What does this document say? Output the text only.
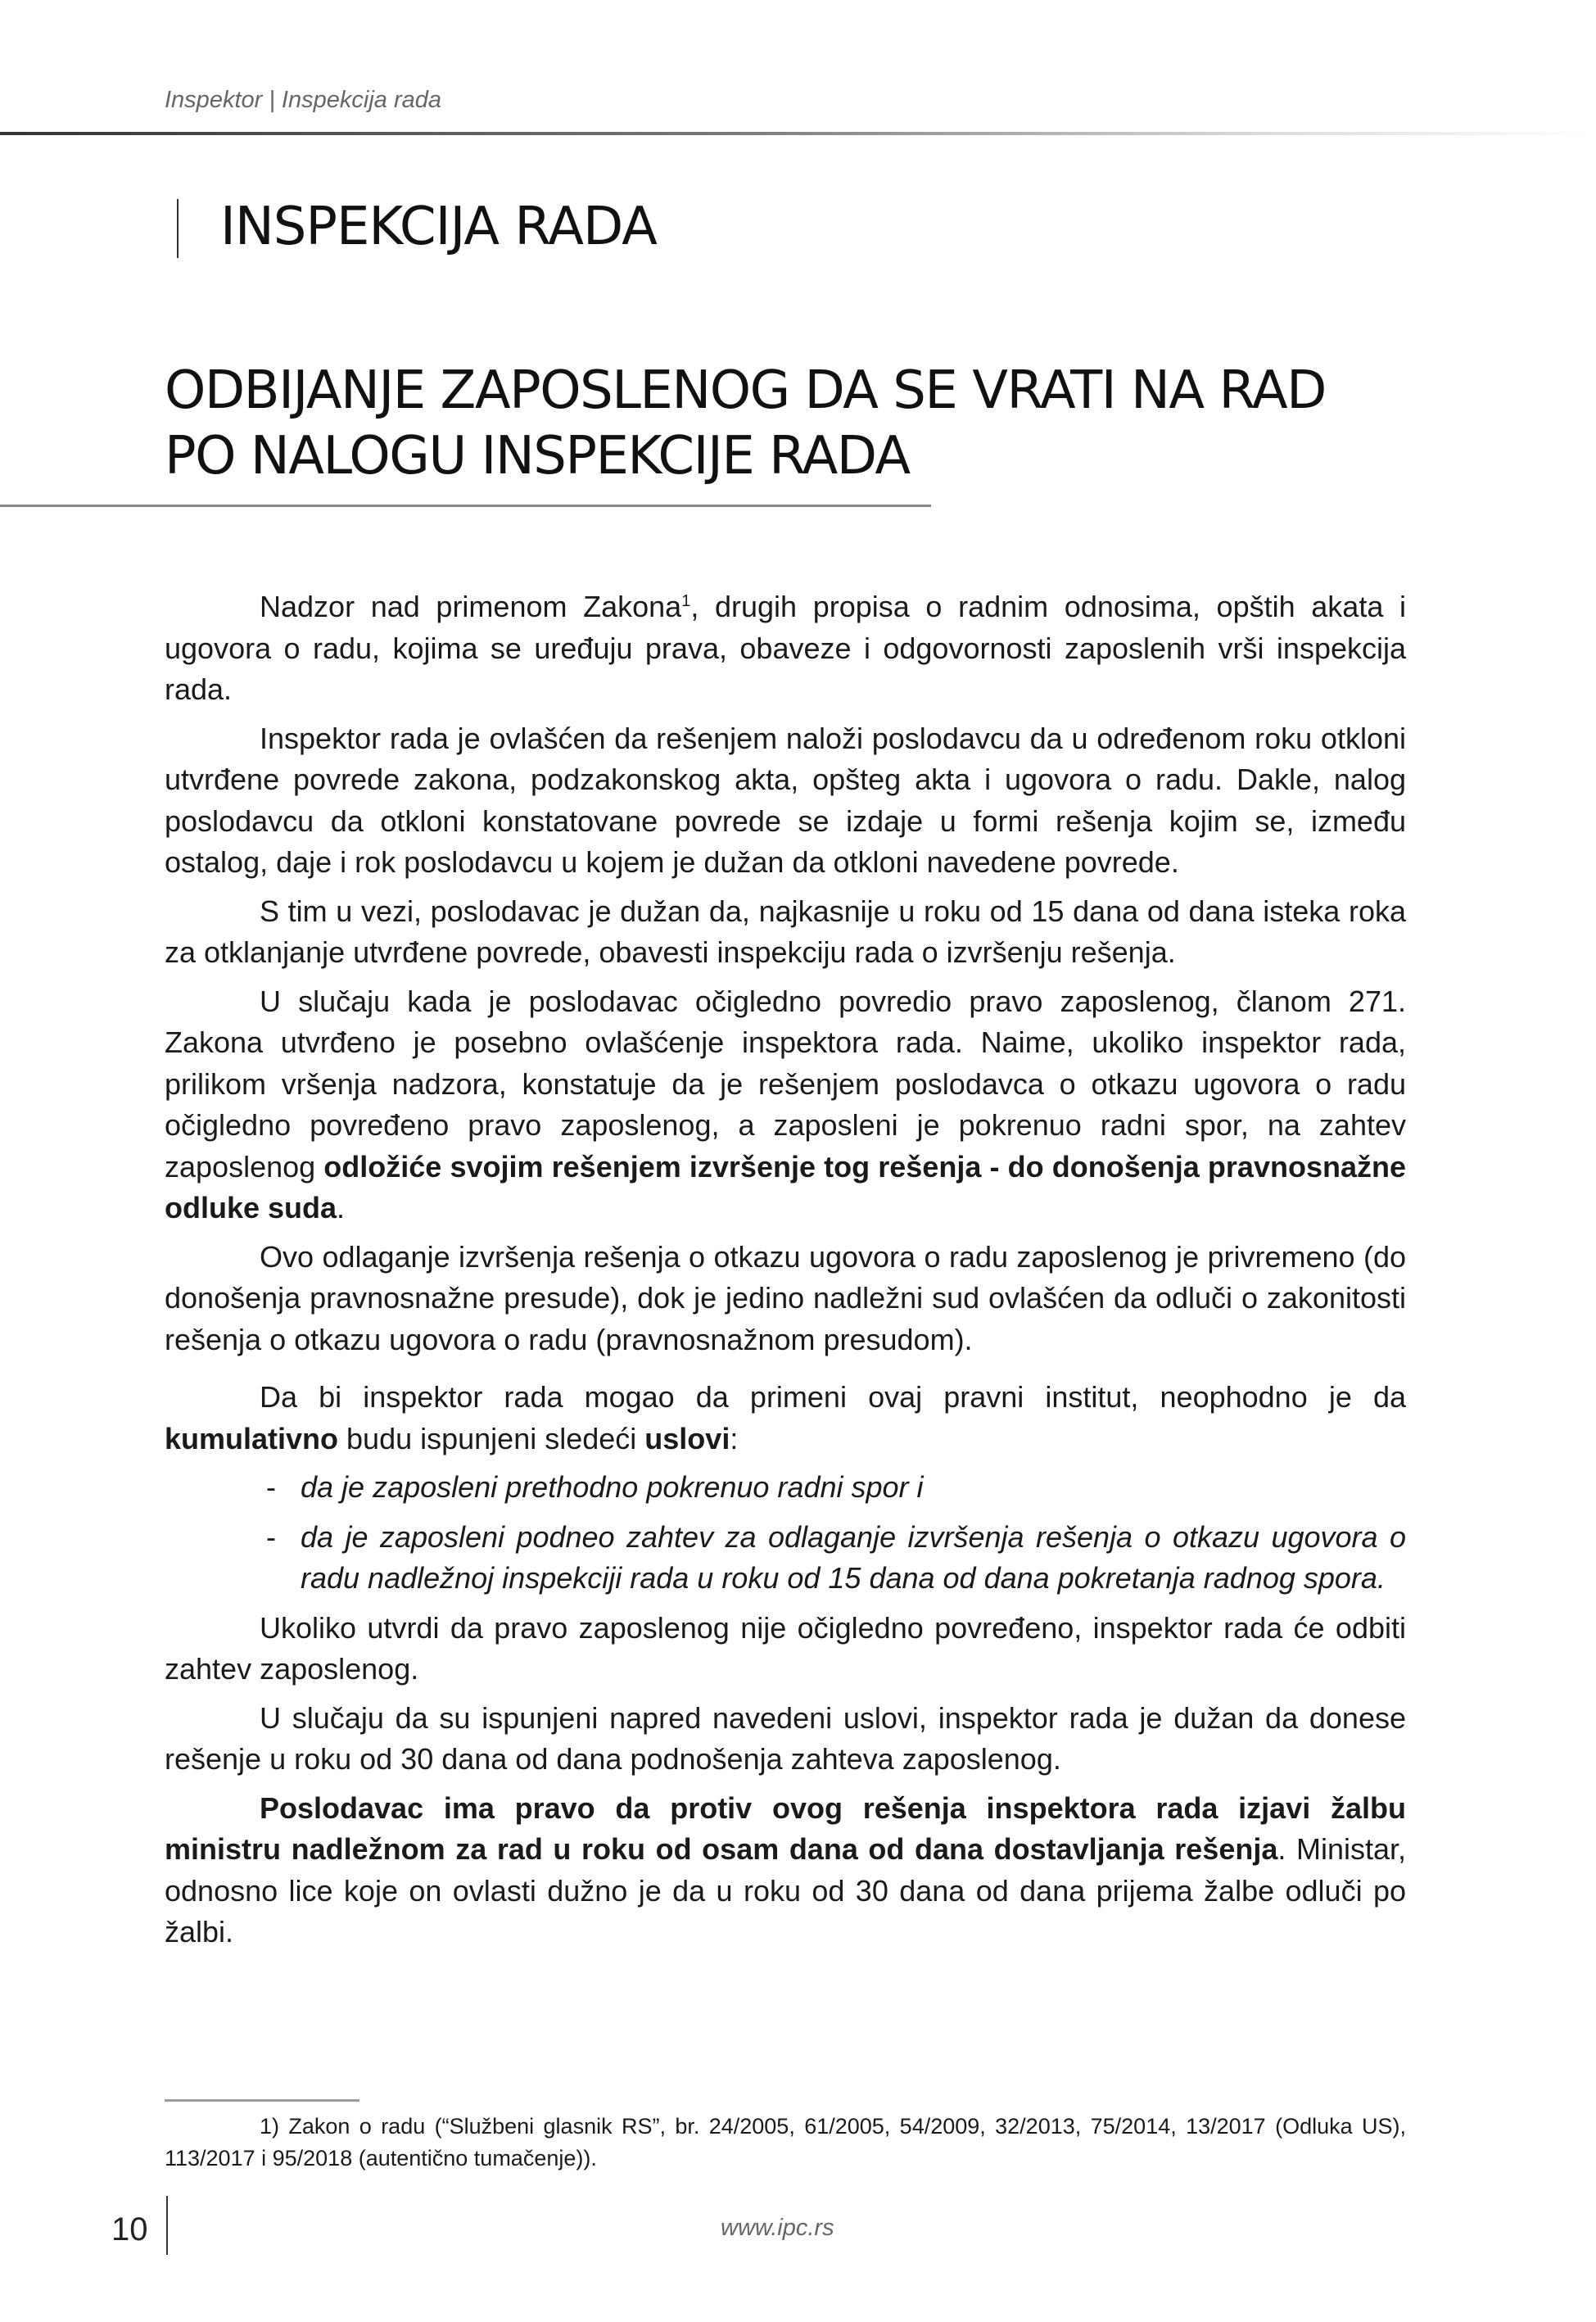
Inspektor | Inspekcija rada
INSPEKCIJA RADA
ODBIJANJE ZAPOSLENOG DA SE VRATI NA RAD
PO NALOGU INSPEKCIJE RADA

Nadzor nad primenom Zakona$^1$, drugih propisa o radnim odnosima, opštih akata i ugovora o radu, kojima se uređuju prava, obaveze i odgovornosti zaposlenih vrši inspekcija rada.

Inspektor rada je ovlašćen da rešenjem naloži poslodavcu da u određenom roku otkloni utvrđene povrede zakona, podzakonskog akta, opšteg akta i ugovora o radu. Dakle, nalog poslodavcu da otkloni konstatovane povrede se izdaje u formi rešenja kojim se, između ostalog, daje i rok poslodavcu u kojem je dužan da otkloni navedene povrede.

S tim u vezi, poslodavac je dužan da, najkasnije u roku od 15 dana od dana isteka roka za otklanjanje utvrđene povrede, obavesti inspekciju rada o izvršenju rešenja.

U slučaju kada je poslodavac očigledno povredio pravo zaposlenog, članom 271. Zakona utvrđeno je posebno ovlašćenje inspektora rada. Naime, ukoliko inspektor rada, prilikom vršenja nadzora, konstatuje da je rešenjem poslodavca o otkazu ugovora o radu očigledno povređeno pravo zaposlenog, a zaposleni je pokrenuo radni spor, na zahtev zaposlenog odložiće svojim rešenjem izvršenje tog rešenja - do donošenja pravnosnažne odluke suda.

Ovo odlaganje izvršenja rešenja o otkazu ugovora o radu zaposlenog je privremeno (do donošenja pravnosnažne presude), dok je jedino nadležni sud ovlašćen da odluči o zakonitosti rešenja o otkazu ugovora o radu (pravnosnažnom presudom).

Da bi inspektor rada mogao da primeni ovaj pravni institut, neophodno je da kumulativno budu ispunjeni sledeći uslovi:

- da je zaposleni prethodno pokrenuo radni spor i
- da je zaposleni podneo zahtev za odlaganje izvršenja rešenja o otkazu ugovora o radu nadležnoj inspekciji rada u roku od 15 dana od dana pokretanja radnog spora.

Ukoliko utvrdi da pravo zaposlenog nije očigledno povređeno, inspektor rada će odbiti zahtev zaposlenog.

U slučaju da su ispunjeni napred navedeni uslovi, inspektor rada je dužan da donese rešenje u roku od 30 dana od dana podnošenja zahteva zaposlenog.

Poslodavac ima pravo da protiv ovog rešenja inspektora rada izjavi žalbu ministru nadležnom za rad u roku od osam dana od dana dostavljanja rešenja. Ministar, odnosno lice koje on ovlasti dužno je da u roku od 30 dana od dana prijema žalbe odluči po žalbi.

1) Zakon o radu (“Službeni glasnik RS”, br. 24/2005, 61/2005, 54/2009, 32/2013, 75/2014, 13/2017 (Odluka US), 113/2017 i 95/2018 (autentično tumačenje)).
10	www.ipc.rs
